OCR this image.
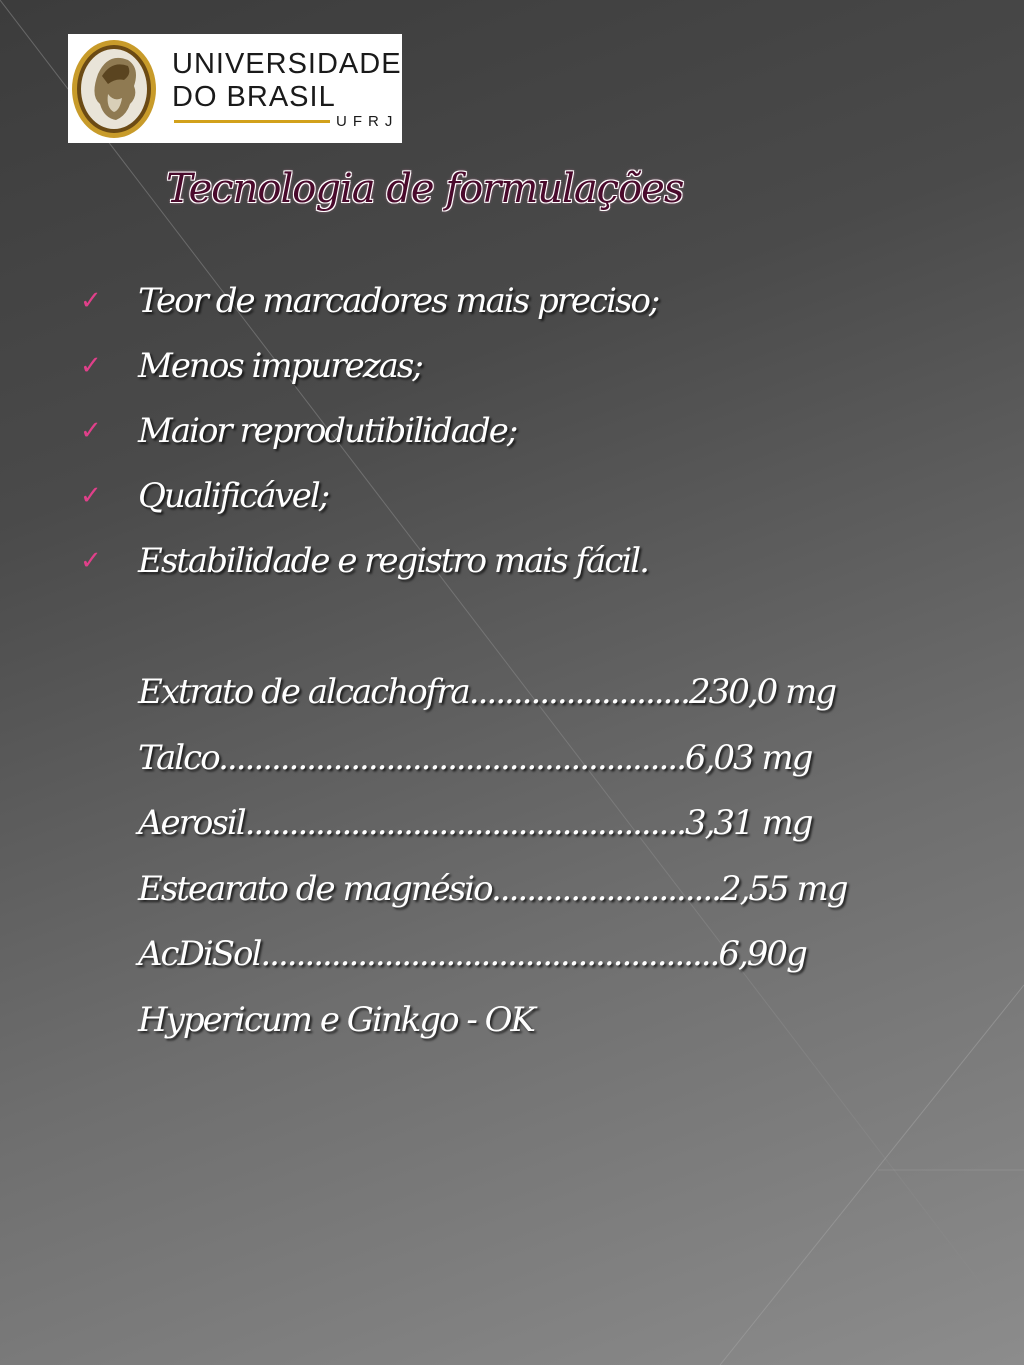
UNIVERSIDADE
DO BRASIL
UFRJ
Tecnologia de formulações
✓	Teor de marcadores mais preciso;
✓	Menos impurezas;
✓	Maior reprodutibilidade;
✓	Qualificável;
✓	Estabilidade e registro mais fácil.
Extrato de alcachofra.........................230,0 mg
Talco.....................................................6,03 mg
Aerosil..................................................3,31 mg
Estearato de magnésio..........................2,55 mg
AcDiSol....................................................6,90g
Hypericum e Ginkgo - OK
